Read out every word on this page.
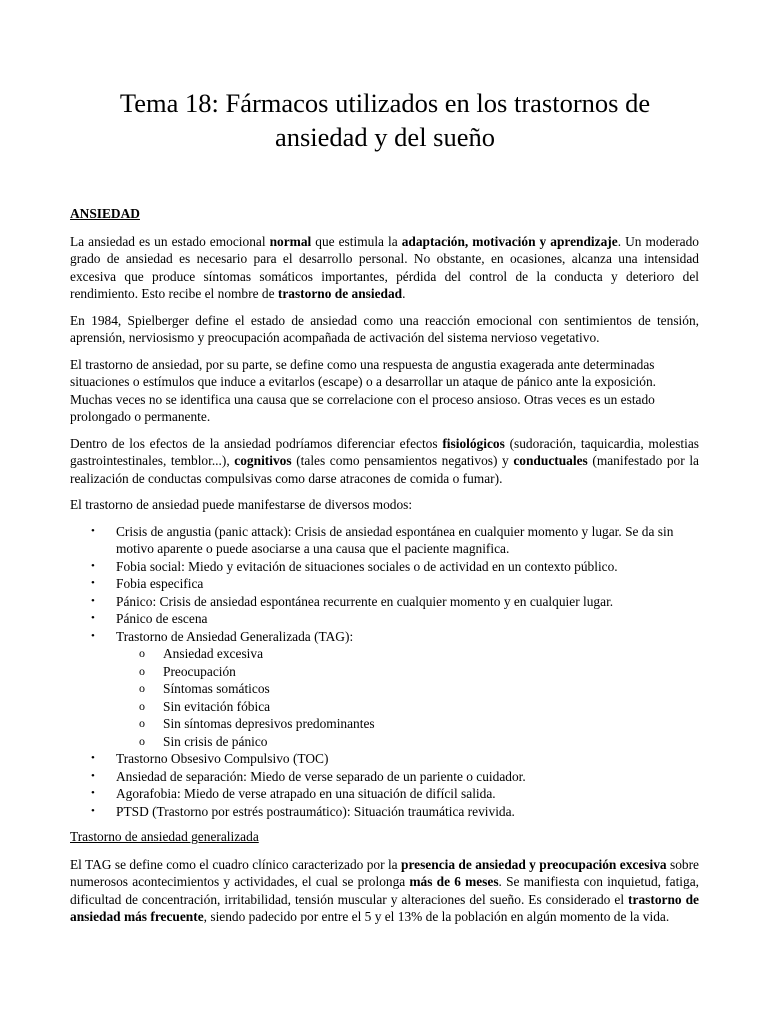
Tema 18: Fármacos utilizados en los trastornos de
ansiedad y del sueño
ANSIEDAD

La ansiedad es un estado emocional normal que estimula la adaptación, motivación y aprendizaje. Un moderado grado de ansiedad es necesario para el desarrollo personal. No obstante, en ocasiones, alcanza una intensidad excesiva que produce síntomas somáticos importantes, pérdida del control de la conducta y deterioro del rendimiento. Esto recibe el nombre de trastorno de ansiedad.

En 1984, Spielberger define el estado de ansiedad como una reacción emocional con sentimientos de tensión, aprensión, nerviosismo y preocupación acompañada de activación del sistema nervioso vegetativo.

El trastorno de ansiedad, por su parte, se define como una respuesta de angustia exagerada ante determinadas situaciones o estímulos que induce a evitarlos (escape) o a desarrollar un ataque de pánico ante la exposición. Muchas veces no se identifica una causa que se correlacione con el proceso ansioso. Otras veces es un estado prolongado o permanente.

Dentro de los efectos de la ansiedad podríamos diferenciar efectos fisiológicos (sudoración, taquicardia, molestias gastrointestinales, temblor...), cognitivos (tales como pensamientos negativos) y conductuales (manifestado por la realización de conductas compulsivas como darse atracones de comida o fumar).

El trastorno de ansiedad puede manifestarse de diversos modos:

• Crisis de angustia (panic attack): Crisis de ansiedad espontánea en cualquier momento y lugar. Se da sin motivo aparente o puede asociarse a una causa que el paciente magnifica.
• Fobia social: Miedo y evitación de situaciones sociales o de actividad en un contexto público.
• Fobia especifica
• Pánico: Crisis de ansiedad espontánea recurrente en cualquier momento y en cualquier lugar.
• Pánico de escena
• Trastorno de Ansiedad Generalizada (TAG):
o Ansiedad excesiva
o Preocupación
o Síntomas somáticos
o Sin evitación fóbica
o Sin síntomas depresivos predominantes
o Sin crisis de pánico
• Trastorno Obsesivo Compulsivo (TOC)
• Ansiedad de separación: Miedo de verse separado de un pariente o cuidador.
• Agorafobia: Miedo de verse atrapado en una situación de difícil salida.
• PTSD (Trastorno por estrés postraumático): Situación traumática revivida.
Trastorno de ansiedad generalizada

El TAG se define como el cuadro clínico caracterizado por la presencia de ansiedad y preocupación excesiva sobre numerosos acontecimientos y actividades, el cual se prolonga más de 6 meses. Se manifiesta con inquietud, fatiga, dificultad de concentración, irritabilidad, tensión muscular y alteraciones del sueño. Es considerado el trastorno de ansiedad más frecuente, siendo padecido por entre el 5 y el 13% de la población en algún momento de la vida.
